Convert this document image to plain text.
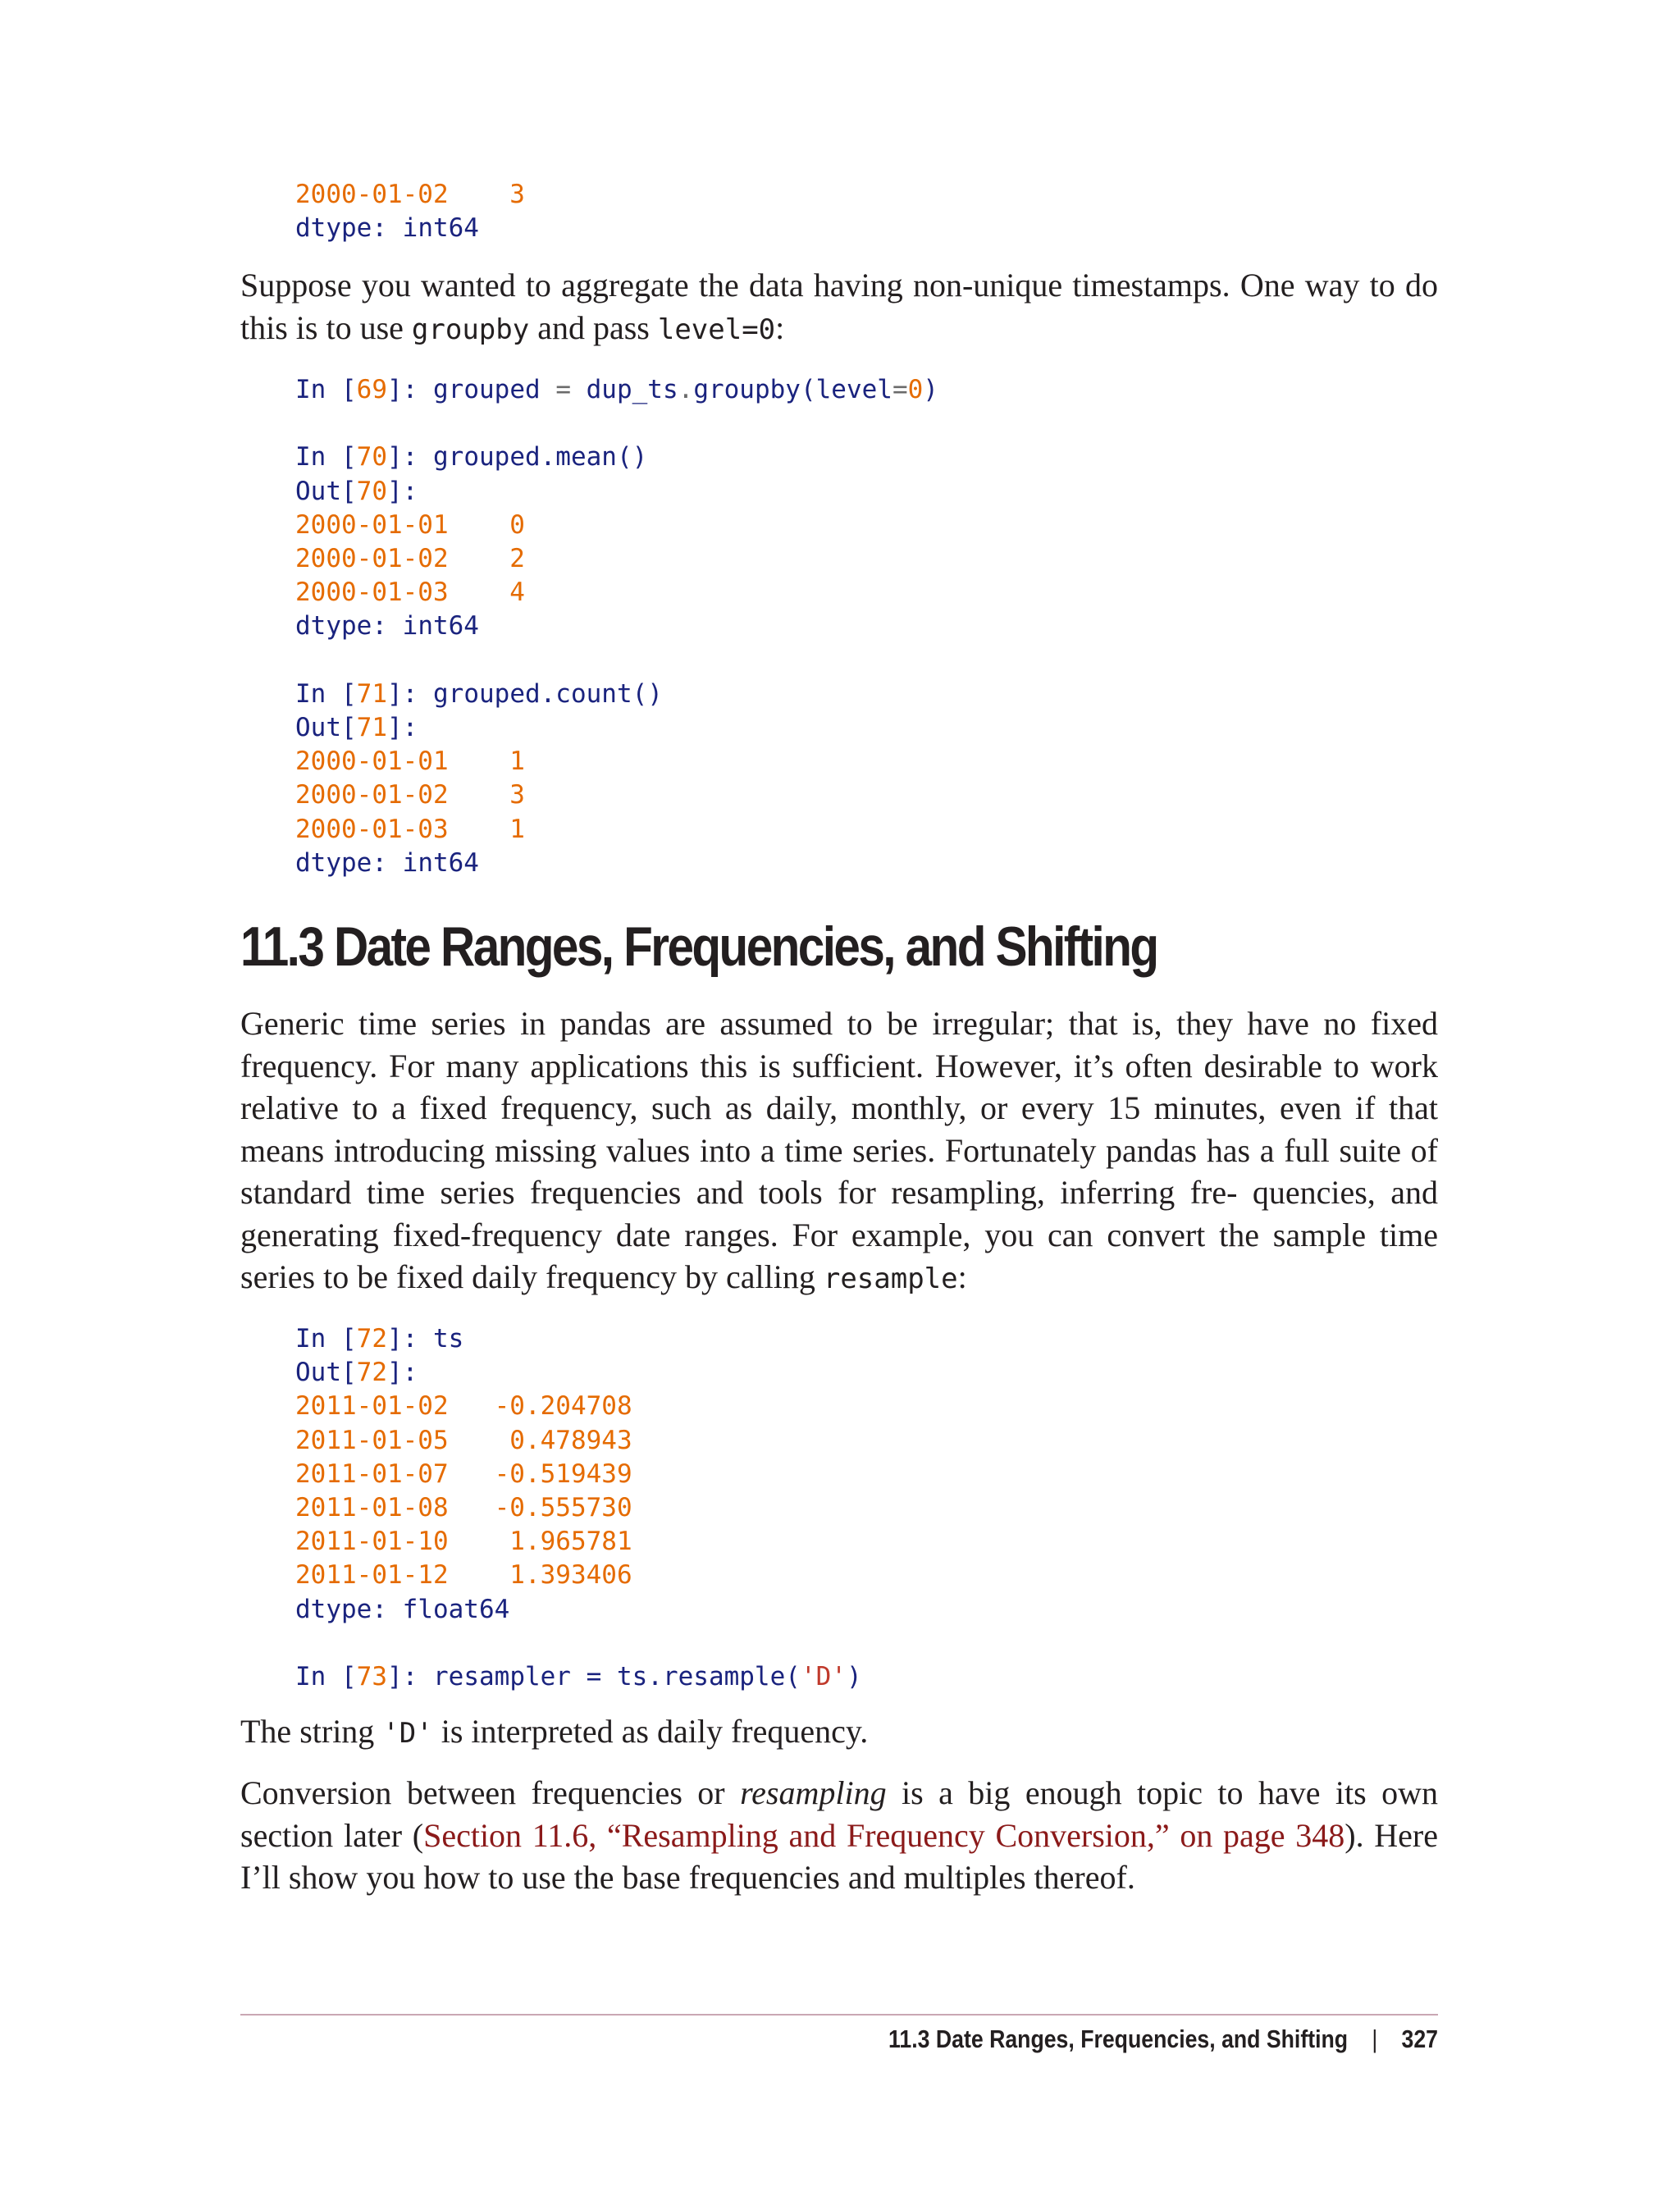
2000-01-02 3
dtype: int64

Suppose you wanted to aggregate the data having non-unique timestamps. One way to do this is to use groupby and pass level=0:

In [69]: grouped = dup_ts.groupby(level=0)

In [70]: grouped.mean()
Out[70]:
2000-01-01 0
2000-01-02 2
2000-01-03 4
dtype: int64

In [71]: grouped.count()
Out[71]:
2000-01-01 1
2000-01-02 3
2000-01-03 1
dtype: int64
11.3 Date Ranges, Frequencies, and Shifting

Generic time series in pandas are assumed to be irregular; that is, they have no fixed frequency. For many applications this is sufficient. However, it’s often desirable to work relative to a fixed frequency, such as daily, monthly, or every 15 minutes, even if that means introducing missing values into a time series. Fortunately pandas has a full suite of standard time series frequencies and tools for resampling, inferring fre‐ quencies, and generating fixed-frequency date ranges. For example, you can convert the sample time series to be fixed daily frequency by calling resample:

In [72]: ts
Out[72]:
2011-01-02 -0.204708
2011-01-05    0.478943
2011-01-07 -0.519439
2011-01-08 -0.555730
2011-01-10    1.965781
2011-01-12    1.393406
dtype: float64

In [73]: resampler = ts.resample('D')

The string 'D' is interpreted as daily frequency.

Conversion between frequencies or resampling is a big enough topic to have its own section later (Section 11.6, “Resampling and Frequency Conversion,” on page 348). Here I’ll show you how to use the base frequencies and multiples thereof.

11.3 Date Ranges, Frequencies, and Shifting | 327
